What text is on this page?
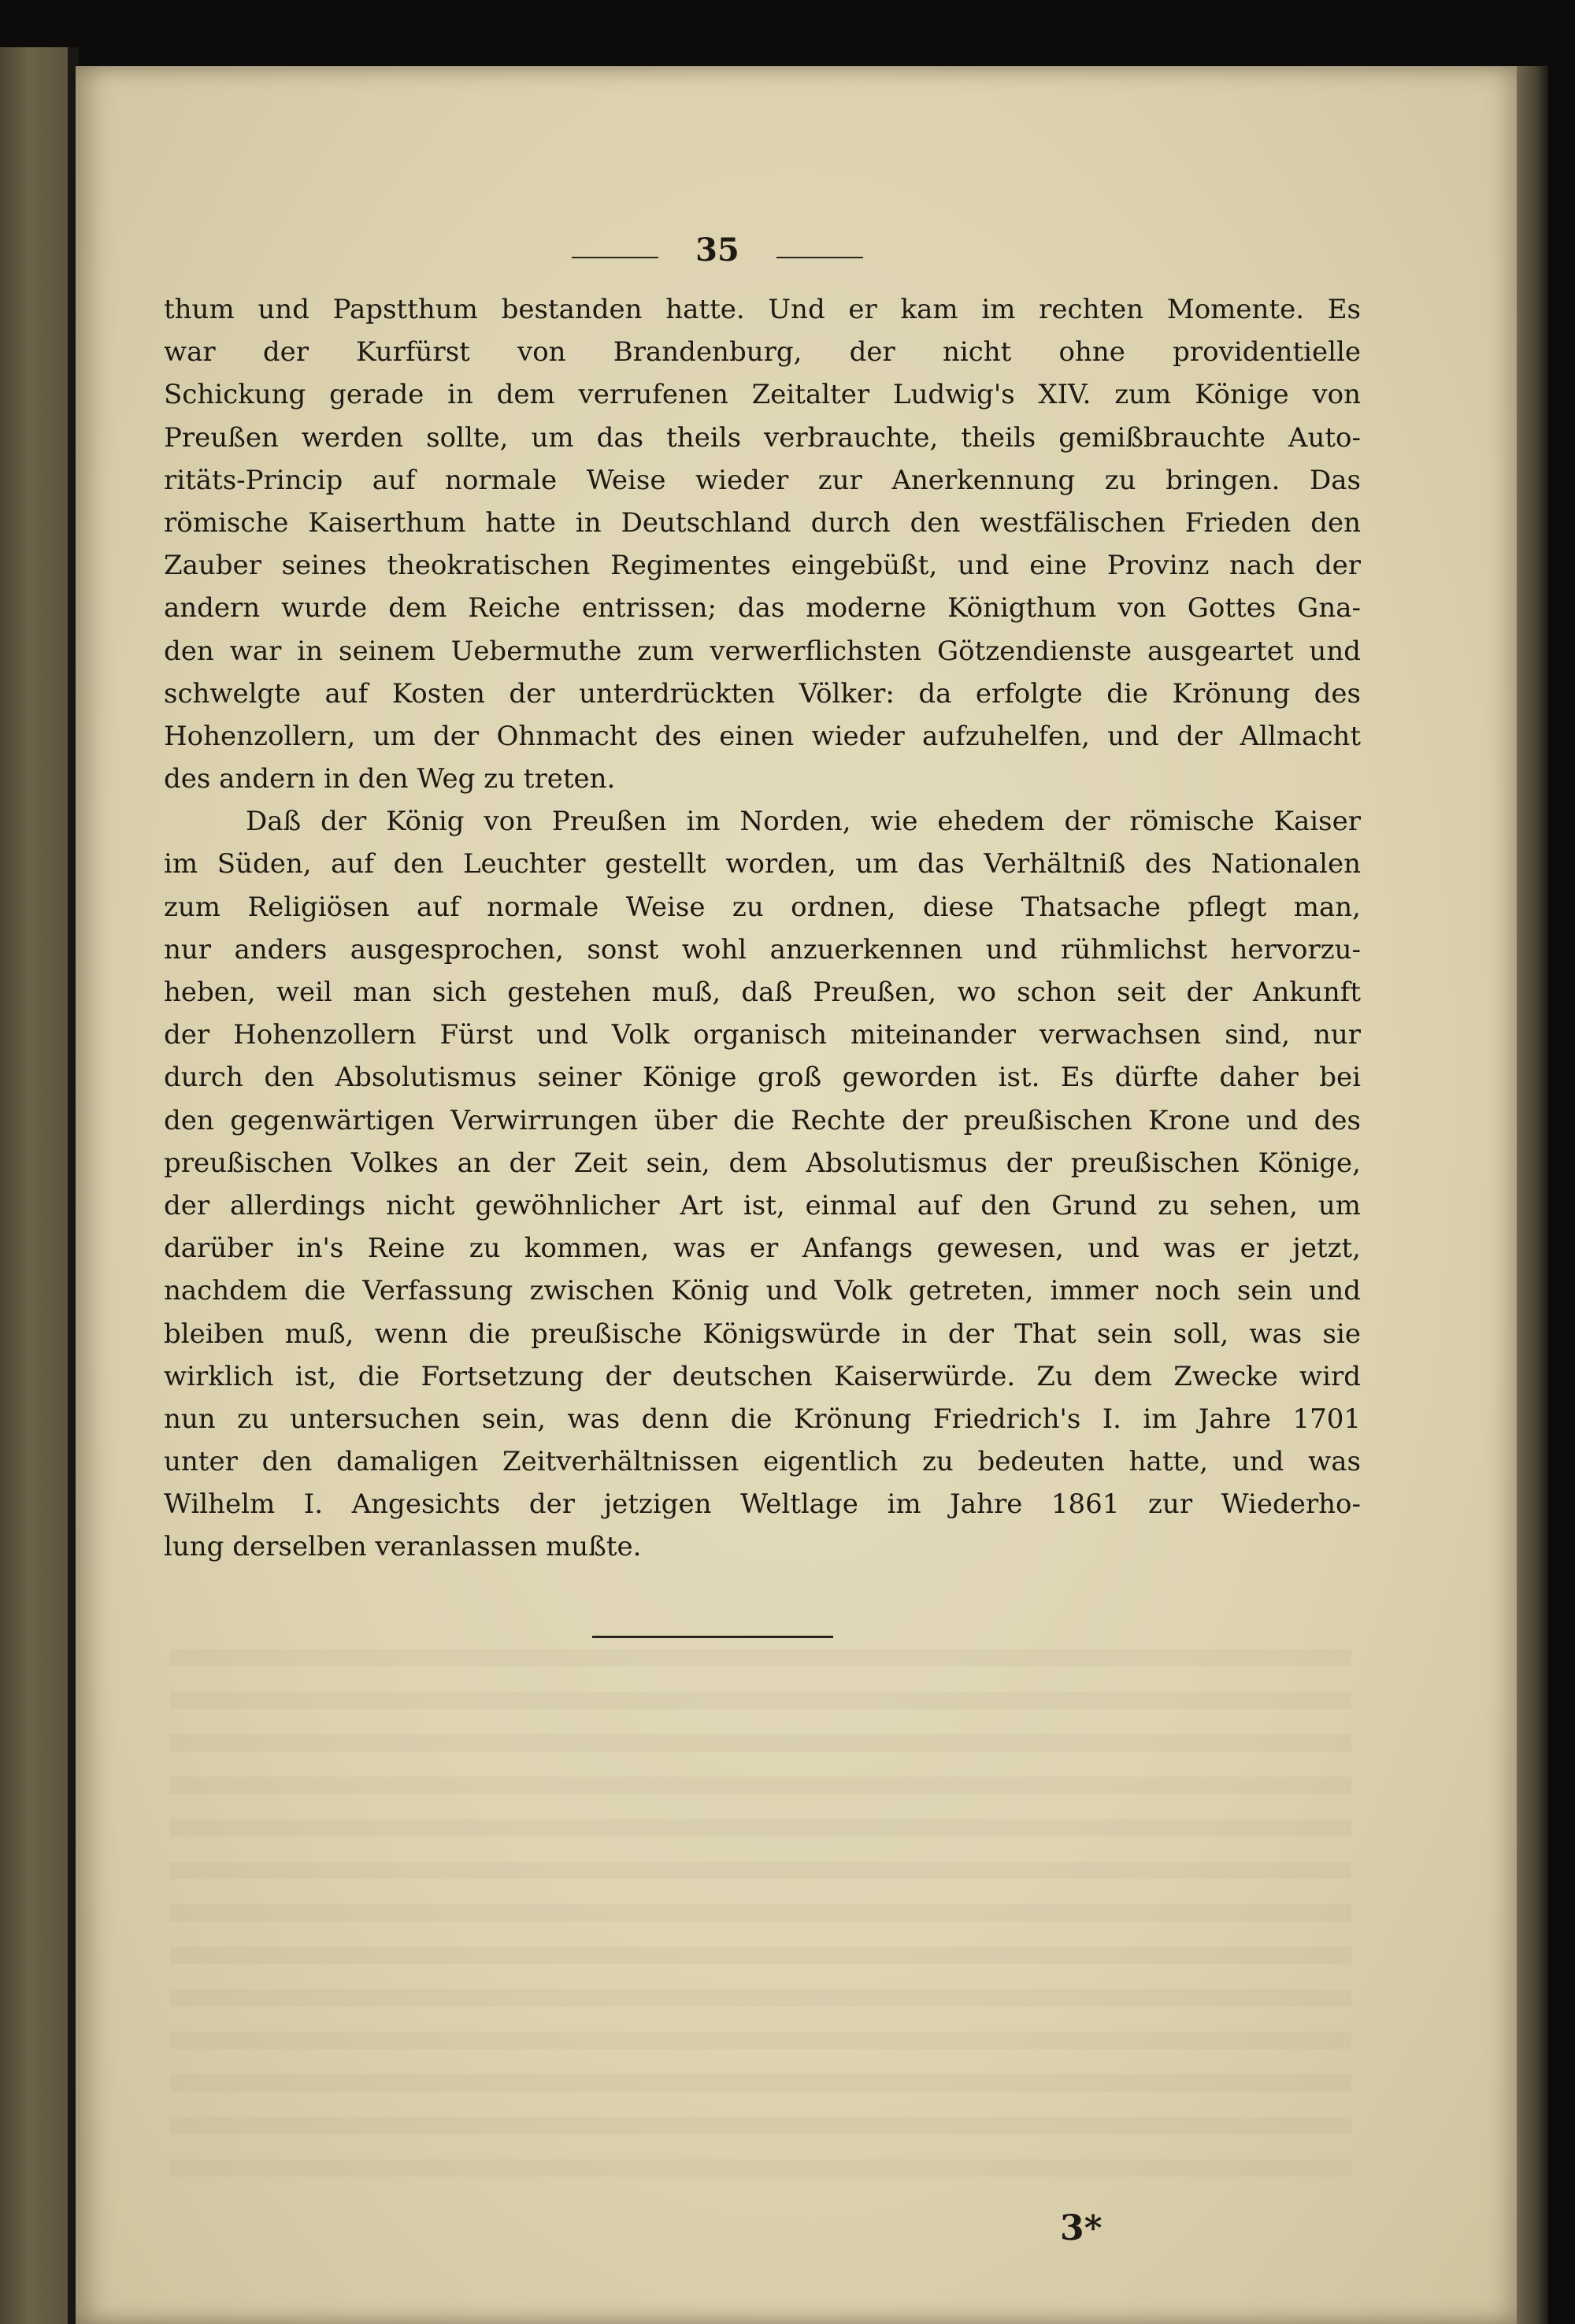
35
thum und Papstthum bestanden hatte. Und er kam im rechten Momente. Es
war der Kurfürst von Brandenburg, der nicht ohne providentielle
Schickung gerade in dem verrufenen Zeitalter Ludwig's XIV. zum Könige von
Preußen werden sollte, um das theils verbrauchte, theils gemißbrauchte Auto-
ritäts-Princip auf normale Weise wieder zur Anerkennung zu bringen. Das
römische Kaiserthum hatte in Deutschland durch den westfälischen Frieden den
Zauber seines theokratischen Regimentes eingebüßt, und eine Provinz nach der
andern wurde dem Reiche entrissen; das moderne Königthum von Gottes Gna-
den war in seinem Uebermuthe zum verwerflichsten Götzendienste ausgeartet und
schwelgte auf Kosten der unterdrückten Völker: da erfolgte die Krönung des
Hohenzollern, um der Ohnmacht des einen wieder aufzuhelfen, und der Allmacht
des andern in den Weg zu treten.
Daß der König von Preußen im Norden, wie ehedem der römische Kaiser
im Süden, auf den Leuchter gestellt worden, um das Verhältniß des Nationalen
zum Religiösen auf normale Weise zu ordnen, diese Thatsache pflegt man,
nur anders ausgesprochen, sonst wohl anzuerkennen und rühmlichst hervorzu-
heben, weil man sich gestehen muß, daß Preußen, wo schon seit der Ankunft
der Hohenzollern Fürst und Volk organisch miteinander verwachsen sind, nur
durch den Absolutismus seiner Könige groß geworden ist. Es dürfte daher bei
den gegenwärtigen Verwirrungen über die Rechte der preußischen Krone und des
preußischen Volkes an der Zeit sein, dem Absolutismus der preußischen Könige,
der allerdings nicht gewöhnlicher Art ist, einmal auf den Grund zu sehen, um
darüber in's Reine zu kommen, was er Anfangs gewesen, und was er jetzt,
nachdem die Verfassung zwischen König und Volk getreten, immer noch sein und
bleiben muß, wenn die preußische Königswürde in der That sein soll, was sie
wirklich ist, die Fortsetzung der deutschen Kaiserwürde. Zu dem Zwecke wird
nun zu untersuchen sein, was denn die Krönung Friedrich's I. im Jahre 1701
unter den damaligen Zeitverhältnissen eigentlich zu bedeuten hatte, und was
Wilhelm I. Angesichts der jetzigen Weltlage im Jahre 1861 zur Wiederho-
lung derselben veranlassen mußte.
3*
